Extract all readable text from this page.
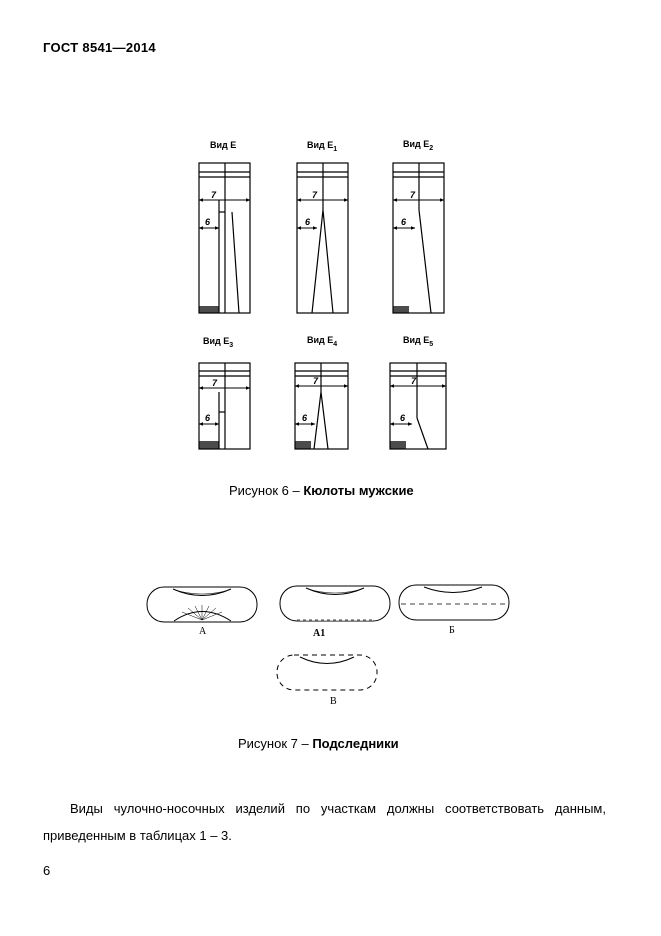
ГОСТ 8541—2014
Вид Е	Вид $Е_1$
Вид $Е_2$
Вид $Е_3$
Вид $Е_4$	Вид $Е_5$
7
6
7
6
7
6
7
6
7
6
7
6
А	А1	Б
В
Рисунок 6 – Кюлоты мужские
Рисунок 7 – Подследники
Виды чулочно-носочных изделий по участкам должны соответствовать данным,
приведенным в таблицах 1 – 3.
6
